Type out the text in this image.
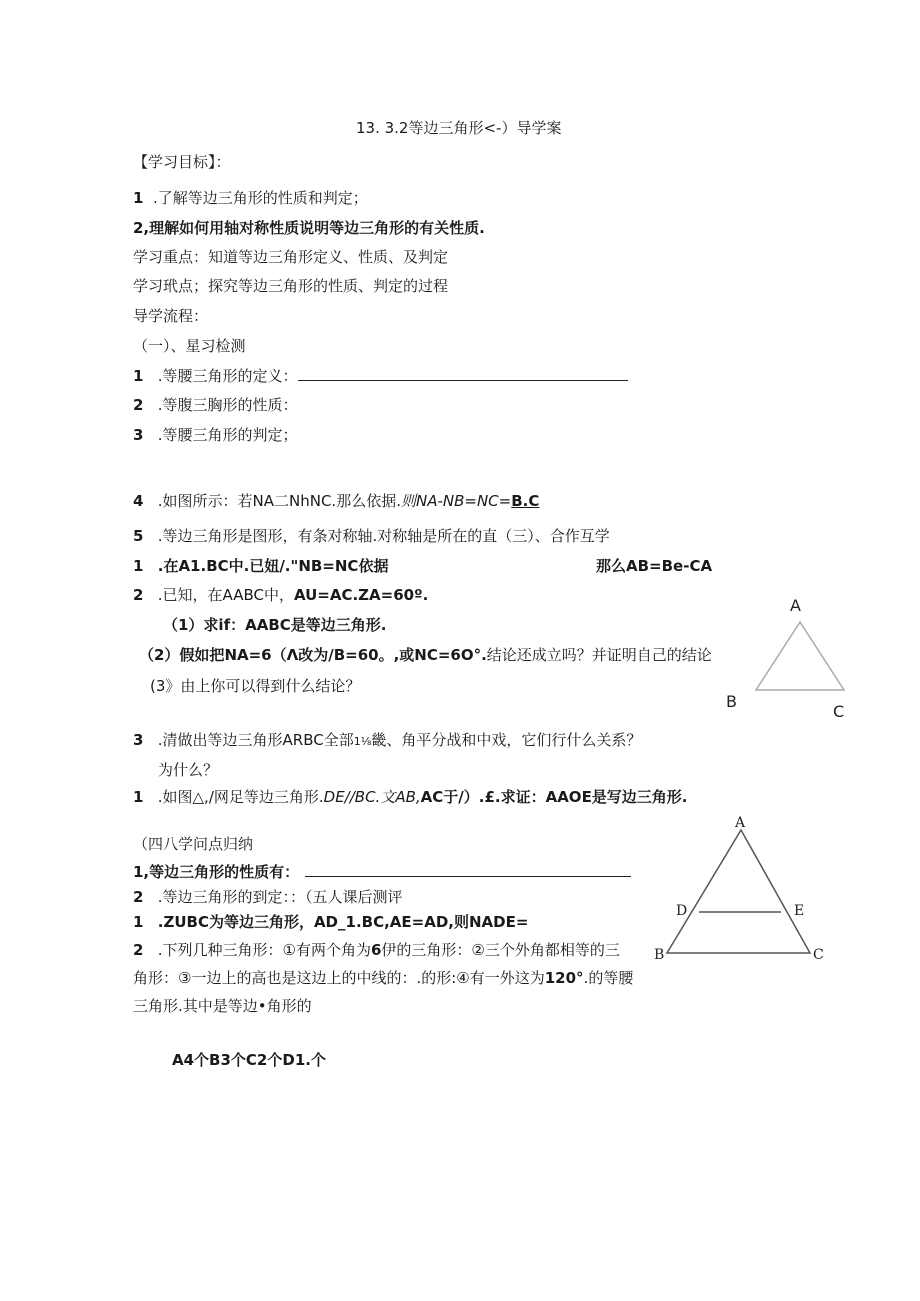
13. 3.2等边三角形<-）导学案
【学习目标】：
1 .了解等边三角形的性质和判定；
2,理解如何用轴对称性质说明等边三角形的有关性质.
学习重点：知道等边三角形定义、性质、及判定
学习玳点；探究等边三角形的性质、判定的过程
导学流程：
（一）、星习检测
1 .等腰三角形的定义：
2 .等腹三胸形的性质：
3 .等腰三角形的判定；
4 .如图所示：若NA二NhNC.那么依据.则NA-NB=NC=B.C
5 .等边三角形是图形，有条对称轴.对称轴是所在的直（三）、合作互学
1 .在A1.BC中.已妞/."NB=NC依据	那么AB=Be-CA
2 .已知，在AABC中，AU=AC.ZA=60º.
（1）求if：AABC是等边三角形.
（2）假如把NA=6（Λ改为/B=60。,或NC=6O°.结论还成立吗？并证明自己的结论
(3》由上你可以得到什么结论？
3 .清做出等边三角形ARBC全部1⅛畿、角平分战和中戏，它们行什么关系？
为什么？
1 .如图△,/网足等边三角形.DE//BC.文AB,AC于/）.£.求证：AAOE是写边三角形.
（四八学问点归纳
1,等边三角形的性质有：
2 .等边三角形的到定：：（五人课后测评
1 .ZUBC为等边三角形，AD_1.BC,AE=AD,则NADE=
2 .下列几种三角形：①有两个角为6伊的三角形：②三个外角都相等的三
角形：③一边上的高也是这边上的中线的：.的形:④有一外这为120°.的等腰
三角形.其中是等边•角形的
A4个B3个C2个D1.个
A
B
C
A
B	C
D	E
